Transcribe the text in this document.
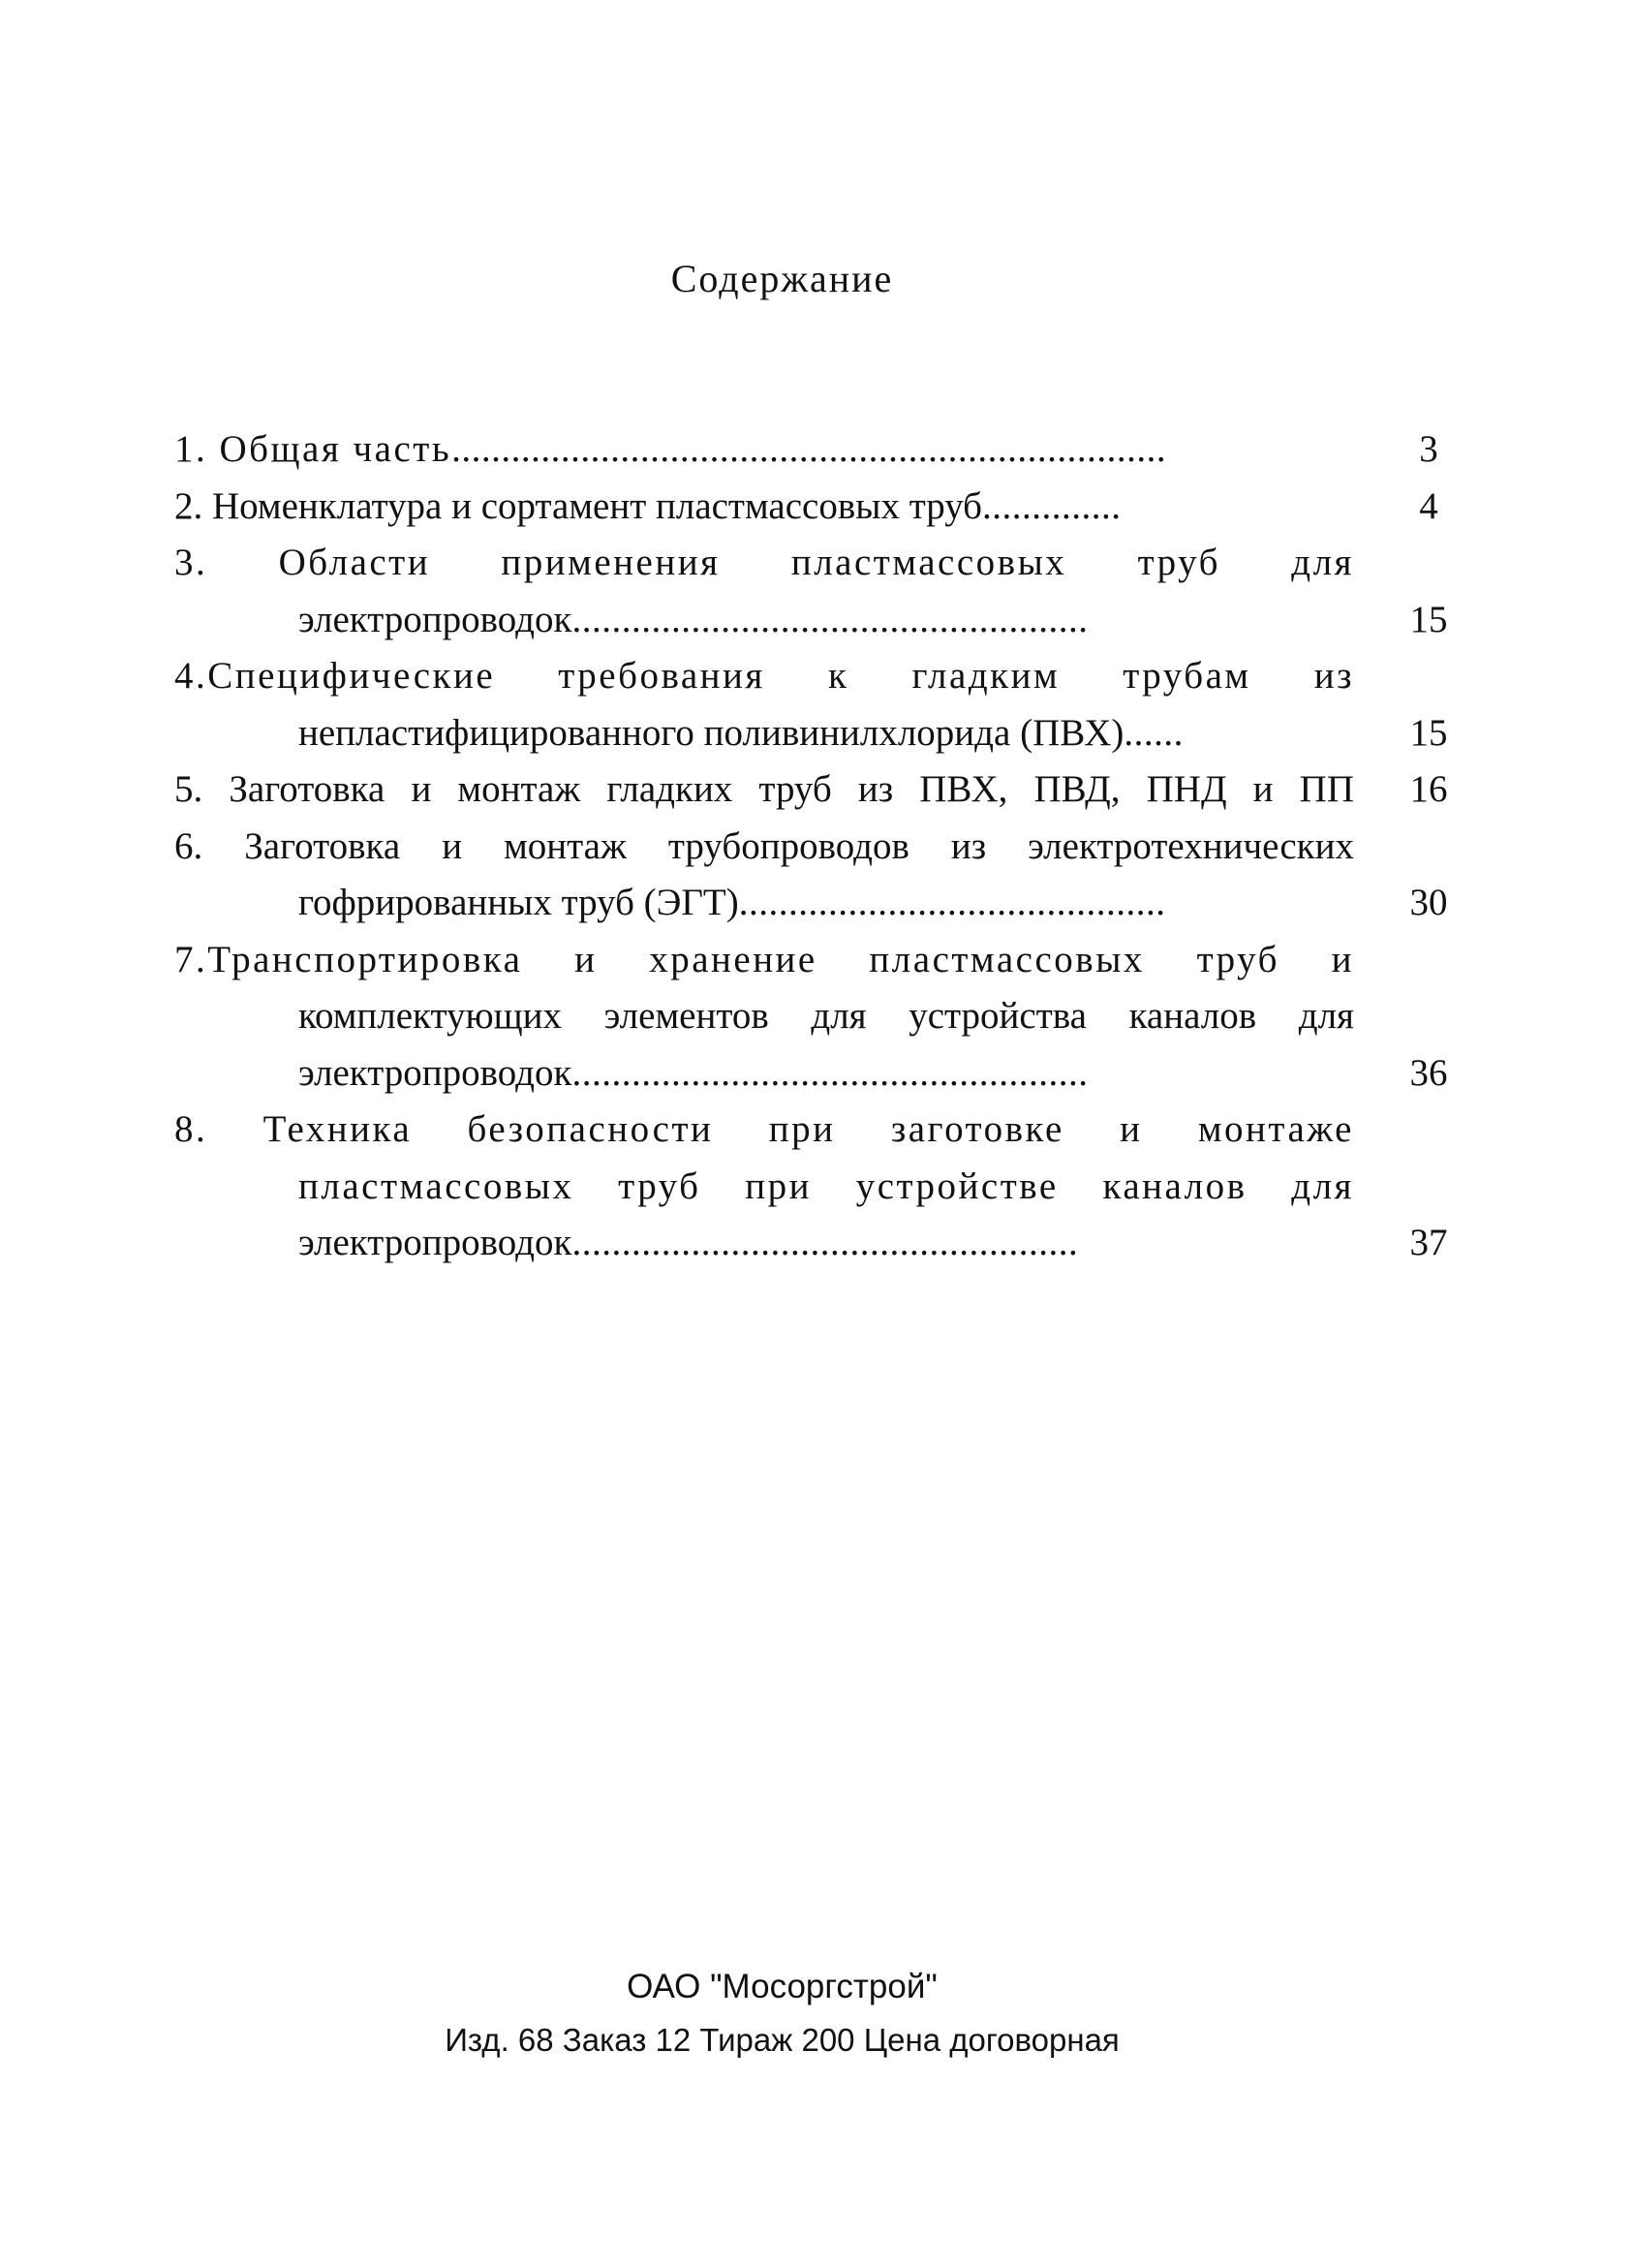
Содержание
1. Общая часть........................................................................	3
2. Номенклатура и сортамент пластмассовых труб..............	4
3. Области применения пластмассовых труб для
электропроводок....................................................	15
4.Специфические требования к гладким трубам из
непластифицированного поливинилхлорида (ПВХ)......	15
5. Заготовка и монтаж гладких труб из ПВХ, ПВД, ПНД и ПП	16
6. Заготовка и монтаж трубопроводов из электротехнических
гофрированных труб (ЭГТ)...........................................	30
7.Транспортировка и хранение пластмассовых труб и
комплектующих элементов для устройства каналов для
электропроводок....................................................	36
8. Техника безопасности при заготовке и монтаже
пластмассовых труб при устройстве каналов для
электропроводок...................................................	37
ОАО "Мосоргстрой"
Изд. 68 Заказ 12 Тираж 200 Цена договорная
